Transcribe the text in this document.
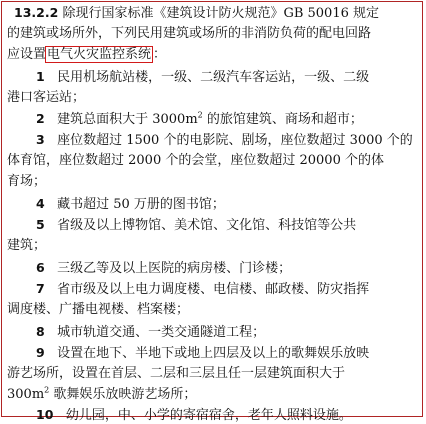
13.2.2 除现行国家标准《建筑设计防火规范》GB 50016 规定
的建筑或场所外，下列民用建筑或场所的非消防负荷的配电回路
应设置电气火灾监控系统 ：
1 民用机场航站楼，一级、二级汽车客运站，一级、二级
港口客运站；
2 建筑总面积大于 $3000m^2$ 的旅馆建筑、商场和超市；
3 座位数超过 1500 个的电影院、剧场，座位数超过 3000 个的
体育馆，座位数超过 2000 个的会堂，座位数超过 20000 个的体
育场；
4 藏书超过 50 万册的图书馆；
5 省级及以上博物馆、美术馆、文化馆、科技馆等公共
建筑；
6 三级乙等及以上医院的病房楼、门诊楼；
7 省市级及以上电力调度楼、电信楼、邮政楼、防灾指挥
调度楼、广播电视楼、档案楼；
8 城市轨道交通、一类交通隧道工程；
9 设置在地下、半地下或地上四层及以上的歌舞娱乐放映
游艺场所，设置在首层、二层和三层且任一层建筑面积大于
$300m^2$ 歌舞娱乐放映游艺场所；
10 幼儿园，中、小学的寄宿宿舍，老年人照料设施。
